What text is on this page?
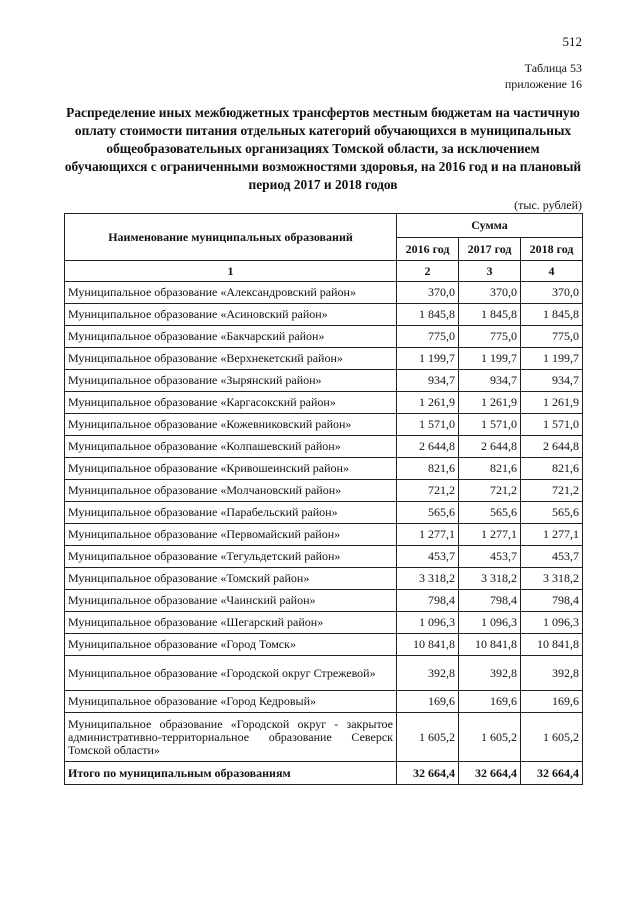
512
Таблица 53
приложение 16
Распределение иных межбюджетных трансфертов местным бюджетам на частичную оплату стоимости питания отдельных категорий обучающихся в муниципальных общеобразовательных организациях Томской области, за исключением обучающихся с ограниченными возможностями здоровья, на 2016 год и на плановый период 2017 и 2018 годов
(тыс. рублей)
Наименование муниципальных образований	Сумма		
	2016 год	2017 год	2018 год
1	2	3	4
Муниципальное образование «Александровский район»	370,0	370,0	370,0
Муниципальное образование «Асиновский район»	1 845,8	1 845,8	1 845,8
Муниципальное образование «Бакчарский район»	775,0	775,0	775,0
Муниципальное образование «Верхнекетский район»	1 199,7	1 199,7	1 199,7
Муниципальное образование «Зырянский район»	934,7	934,7	934,7
Муниципальное образование «Каргасокский район»	1 261,9	1 261,9	1 261,9
Муниципальное образование «Кожевниковский район»	1 571,0	1 571,0	1 571,0
Муниципальное образование «Колпашевский район»	2 644,8	2 644,8	2 644,8
Муниципальное образование «Кривошеинский район»	821,6	821,6	821,6
Муниципальное образование «Молчановский район»	721,2	721,2	721,2
Муниципальное образование «Парабельский район»	565,6	565,6	565,6
Муниципальное образование «Первомайский район»	1 277,1	1 277,1	1 277,1
Муниципальное образование «Тегульдетский район»	453,7	453,7	453,7
Муниципальное образование «Томский район»	3 318,2	3 318,2	3 318,2
Муниципальное образование «Чаинский район»	798,4	798,4	798,4
Муниципальное образование «Шегарский район»	1 096,3	1 096,3	1 096,3
Муниципальное образование «Город Томск»	10 841,8	10 841,8	10 841,8
Муниципальное образование «Городской округ Стрежевой»	392,8	392,8	392,8
Муниципальное образование «Город Кедровый»	169,6	169,6	169,6
Муниципальное образование «Городской округ - закрытое административно-территориальное образование Северск Томской области»	1 605,2	1 605,2	1 605,2
Итого по муниципальным образованиям	32 664,4	32 664,4	32 664,4
